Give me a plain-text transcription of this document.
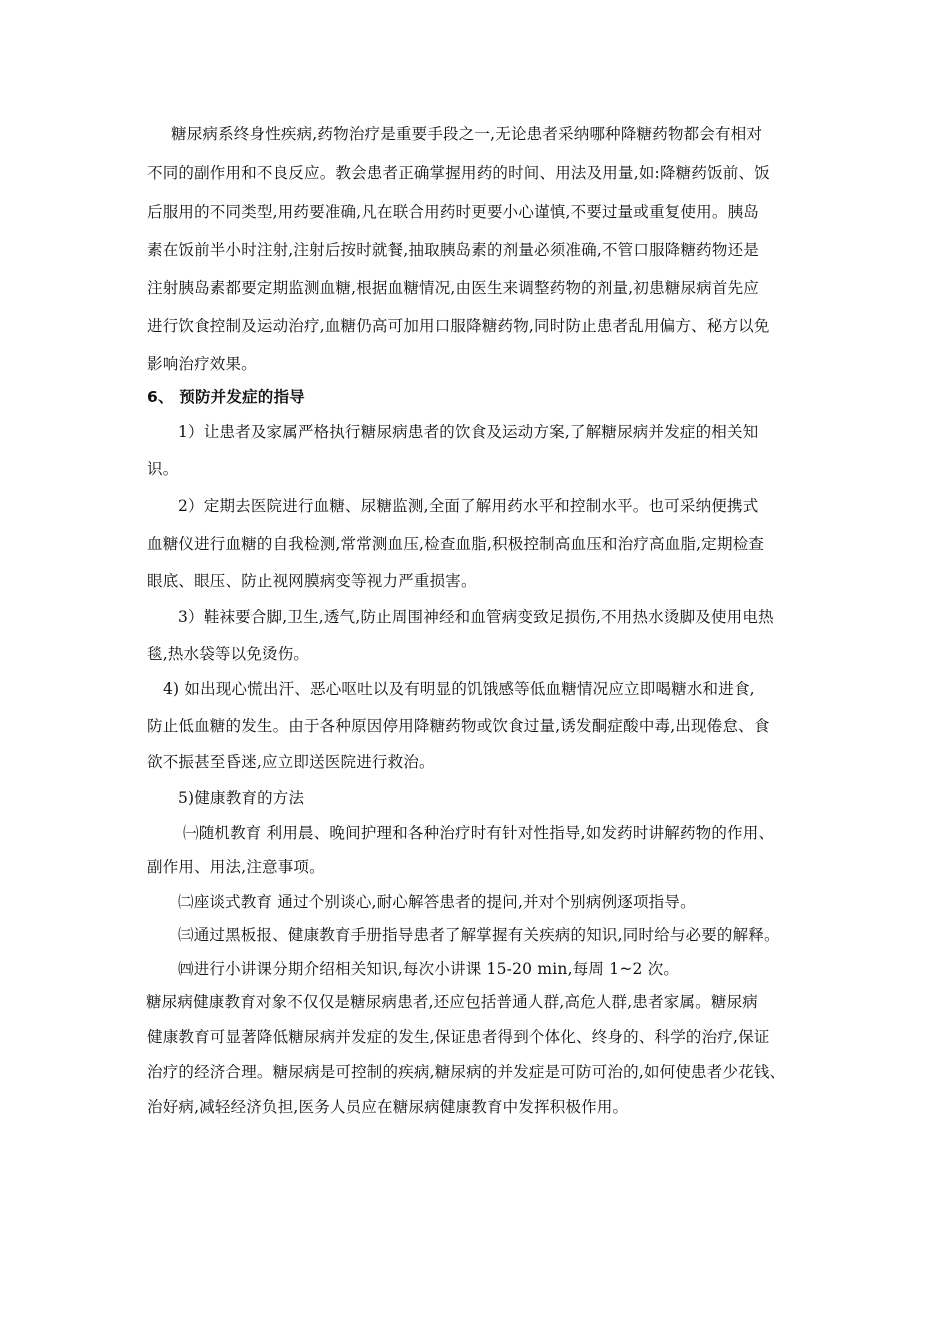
糖尿病系终身性疾病,药物治疗是重要手段之一,无论患者采纳哪种降糖药物都会有相对
不同的副作用和不良反应。教会患者正确掌握用药的时间、用法及用量,如:降糖药饭前、饭
后服用的不同类型,用药要准确,凡在联合用药时更要小心谨慎,不要过量或重复使用。胰岛
素在饭前半小时注射,注射后按时就餐,抽取胰岛素的剂量必须准确,不管口服降糖药物还是
注射胰岛素都要定期监测血糖,根据血糖情况,由医生来调整药物的剂量,初患糖尿病首先应
进行饮食控制及运动治疗,血糖仍高可加用口服降糖药物,同时防止患者乱用偏方、秘方以免
影响治疗效果。
6、 预防并发症的指导
1）让患者及家属严格执行糖尿病患者的饮食及运动方案,了解糖尿病并发症的相关知
识。
2）定期去医院进行血糖、尿糖监测,全面了解用药水平和控制水平。也可采纳便携式
血糖仪进行血糖的自我检测,常常测血压,检查血脂,积极控制高血压和治疗高血脂,定期检查
眼底、眼压、防止视网膜病变等视力严重损害。
3）鞋袜要合脚,卫生,透气,防止周围神经和血管病变致足损伤,不用热水烫脚及使用电热
毯,热水袋等以免烫伤。
4) 如出现心慌出汗、恶心呕吐以及有明显的饥饿感等低血糖情况应立即喝糖水和进食,
防止低血糖的发生。由于各种原因停用降糖药物或饮食过量,诱发酮症酸中毒,出现倦怠、食
欲不振甚至昏迷,应立即送医院进行救治。
5)健康教育的方法
㈠随机教育 利用晨、晚间护理和各种治疗时有针对性指导,如发药时讲解药物的作用、
副作用、用法,注意事项。
㈡座谈式教育 通过个别谈心,耐心解答患者的提问,并对个别病例逐项指导。
㈢通过黑板报、健康教育手册指导患者了解掌握有关疾病的知识,同时给与必要的解释。
㈣进行小讲课分期介绍相关知识,每次小讲课 15-20 min,每周 1~2 次。
糖尿病健康教育对象不仅仅是糖尿病患者,还应包括普通人群,高危人群,患者家属。糖尿病
健康教育可显著降低糖尿病并发症的发生,保证患者得到个体化、终身的、科学的治疗,保证
治疗的经济合理。糖尿病是可控制的疾病,糖尿病的并发症是可防可治的,如何使患者少花钱、
治好病,减轻经济负担,医务人员应在糖尿病健康教育中发挥积极作用。
